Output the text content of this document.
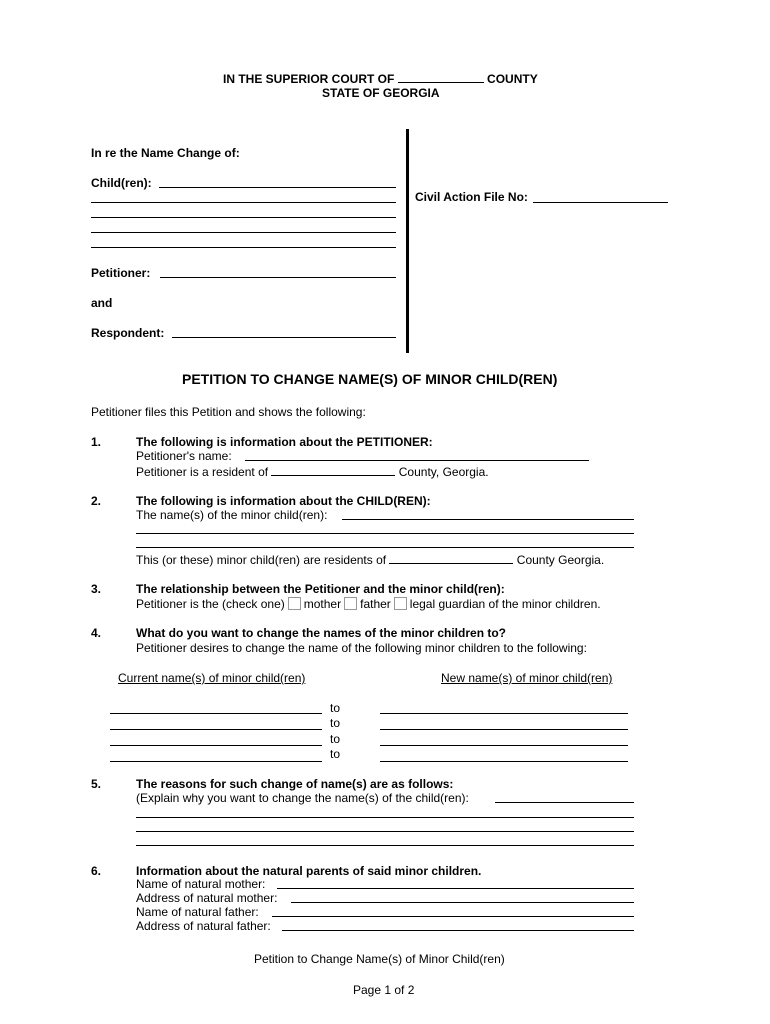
IN THE SUPERIOR COURT OF	COUNTY
STATE OF GEORGIA
In re the Name Change of:
Child(ren):
Petitioner:
and
Respondent:
Civil Action File No:
PETITION TO CHANGE NAME(S) OF MINOR CHILD(REN)
Petitioner files this Petition and shows the following:
1.	The following is information about the PETITIONER:
Petitioner's name:
Petitioner is a resident of	County, Georgia.
2.	The following is information about the CHILD(REN):
The name(s) of the minor child(ren):
This (or these) minor child(ren) are residents of	County Georgia.
3.	The relationship between the Petitioner and the minor child(ren):
Petitioner is the (check one) mother father legal guardian of the minor children.
4.	What do you want to change the names of the minor children to?
Petitioner desires to change the name of the following minor children to the following:
Current name(s) of minor child(ren)	New name(s) of minor child(ren)
to
to
to
to
5.	The reasons for such change of name(s) are as follows:
(Explain why you want to change the name(s) of the child(ren):
6.	Information about the natural parents of said minor children.
Name of natural mother:
Address of natural mother:
Name of natural father:
Address of natural father:
Petition to Change Name(s) of Minor Child(ren)
Page 1 of 2
